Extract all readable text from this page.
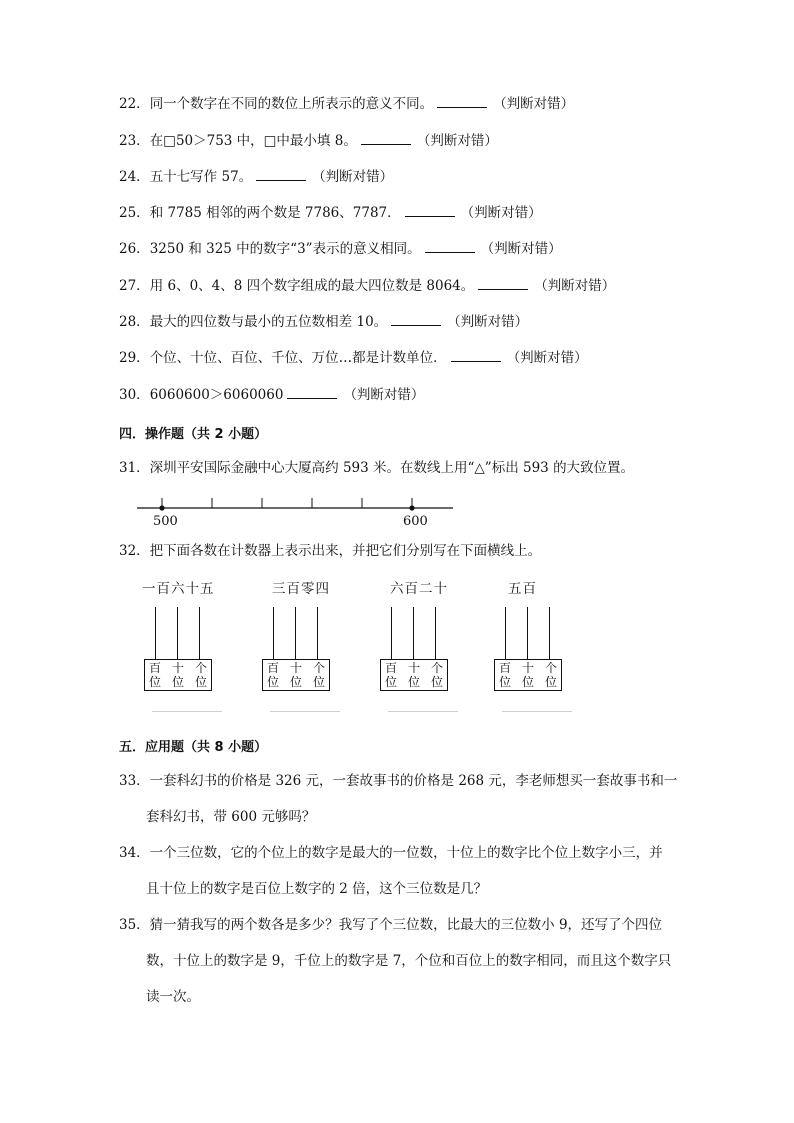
22．同一个数字在不同的数位上所表示的意义不同。	（判断对错）
23．在□50＞753 中，□中最小填 8。	（判断对错）
24．五十七写作 57。	（判断对错）
25．和 7785 相邻的两个数是 7786、7787．	（判断对错）
26．3250 和 325 中的数字“3”表示的意义相同。	（判断对错）
27．用 6、0、4、8 四个数字组成的最大四位数是 8064。	（判断对错）
28．最大的四位数与最小的五位数相差 10。	（判断对错）
29．个位、十位、百位、千位、万位…都是计数单位．	（判断对错）
30．6060600＞6060060	（判断对错）
四．操作题（共 2 小题）
31．深圳平安国际金融中心大厦高约 593 米。在数线上用“△”标出 593 的大致位置。
500	600
32．把下面各数在计数器上表示出来，并把它们分别写在下面横线上。
一百六十五
百 十 个
位 位 位
三百零四
百 十 个
位 位 位
六百二十
百 十 个
位 位 位
五百
百 十 个
位 位 位
五．应用题（共 8 小题）
33．一套科幻书的价格是 326 元，一套故事书的价格是 268 元，李老师想买一套故事书和一
套科幻书，带 600 元够吗？
34．一个三位数，它的个位上的数字是最大的一位数，十位上的数字比个位上数字小三，并
且十位上的数字是百位上数字的 2 倍，这个三位数是几？
35．猜一猜我写的两个数各是多少？我写了个三位数，比最大的三位数小 9，还写了个四位
数，十位上的数字是 9，千位上的数字是 7，个位和百位上的数字相同，而且这个数字只
读一次。
